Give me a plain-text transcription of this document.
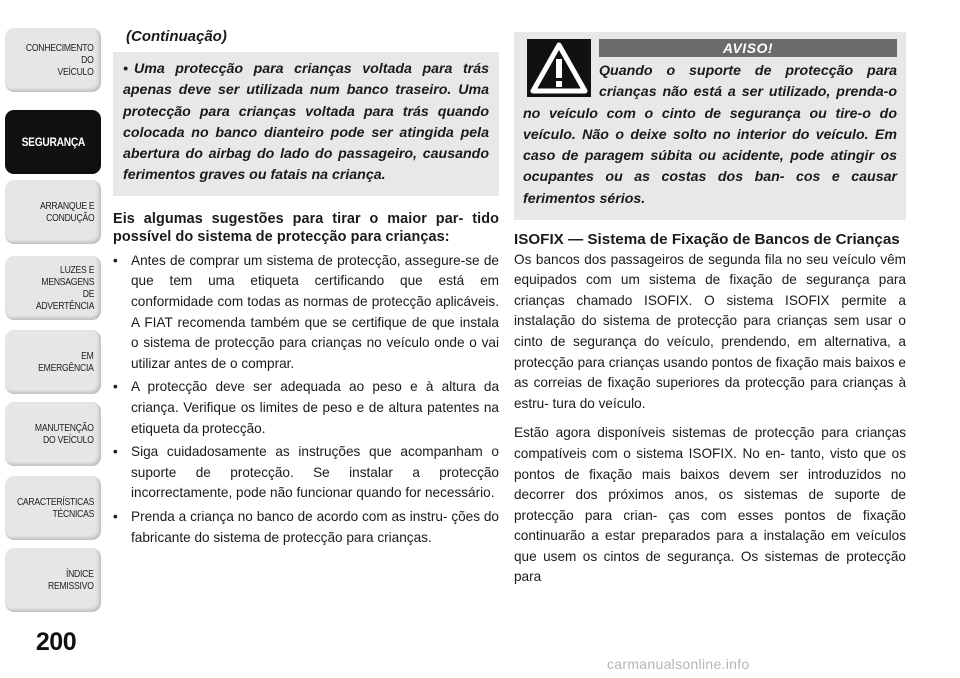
CONHECIMENTO
DO
VEÍCULO
SEGURANÇA
ARRANQUE E
CONDUÇÃO
LUZES E
MENSAGENS
DE
ADVERTÊNCIA
EM
EMERGÊNCIA
MANUTENÇÃO
DO VEÍCULO
CARACTERÍSTICAS
TÉCNICAS
ÍNDICE
REMISSIVO
200
(Continuação)
• Uma protecção para crianças voltada para trás apenas deve ser utilizada num banco traseiro. Uma protecção para crianças voltada para trás quando colocada no banco dianteiro pode ser atingida pela abertura do airbag do lado do passageiro, causando ferimentos graves ou fatais na criança.
Eis algumas sugestões para tirar o maior par- tido possível do sistema de protecção para crianças:
• Antes de comprar um sistema de protecção, assegure-se de que tem uma etiqueta certificando que está em conformidade com todas as normas de protecção aplicáveis. A FIAT recomenda também que se certifique de que instala o sistema de protecção para crianças no veículo onde o vai utilizar antes de o comprar.
• A protecção deve ser adequada ao peso e à altura da criança. Verifique os limites de peso e de altura patentes na etiqueta da protecção.
• Siga cuidadosamente as instruções que acompanham o suporte de protecção. Se instalar a protecção incorrectamente, pode não funcionar quando for necessário.
• Prenda a criança no banco de acordo com as instru- ções do fabricante do sistema de protecção para crianças.
AVISO!
Quando o suporte de protecção para crianças não está a ser utilizado, prenda-o no veículo com o cinto de segurança ou tire-o do veículo. Não o deixe solto no interior do veículo. Em caso de paragem súbita ou acidente, pode atingir os ocupantes ou as costas dos ban- cos e causar ferimentos sérios.
ISOFIX — Sistema de Fixação de Bancos de Crianças

Os bancos dos passageiros de segunda fila no seu veículo vêm equipados com um sistema de fixação de segurança para crianças chamado ISOFIX. O sistema ISOFIX permite a instalação do sistema de protecção para crianças sem usar o cinto de segurança do veículo, prendendo, em alternativa, a protecção para crianças usando pontos de fixação mais baixos e as correias de fixação superiores da protecção para crianças à estru- tura do veículo.

Estão agora disponíveis sistemas de protecção para crianças compatíveis com o sistema ISOFIX. No en- tanto, visto que os pontos de fixação mais baixos devem ser introduzidos no decorrer dos próximos anos, os sistemas de suporte de protecção para crian- ças com esses pontos de fixação continuarão a estar preparados para a instalação em veículos que usem os cintos de segurança. Os sistemas de protecção para

carmanualsonline.info
